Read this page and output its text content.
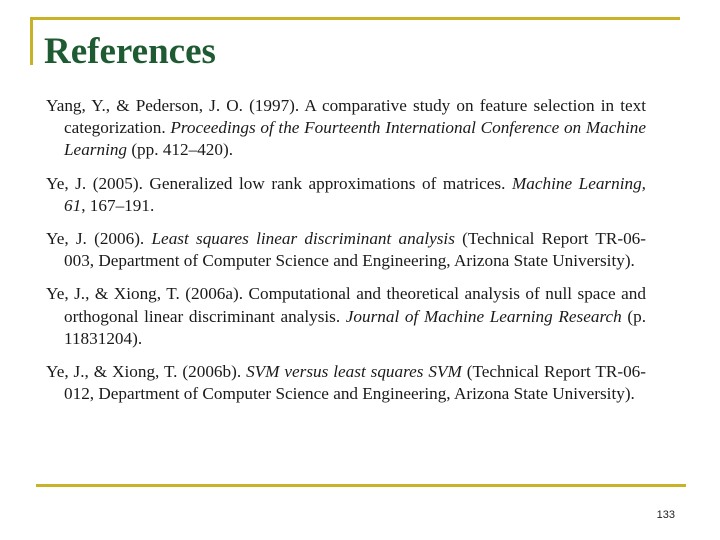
References
Yang, Y., & Pederson, J. O. (1997). A comparative study on feature selection in text categorization. Proceedings of the Fourteenth International Conference on Machine Learning (pp. 412–420).
Ye, J. (2005). Generalized low rank approximations of matrices. Machine Learning, 61, 167–191.
Ye, J. (2006). Least squares linear discriminant analysis (Technical Report TR-06-003, Department of Computer Science and Engineering, Arizona State University).
Ye, J., & Xiong, T. (2006a). Computational and theoretical analysis of null space and orthogonal linear discriminant analysis. Journal of Machine Learning Research (p. 11831204).
Ye, J., & Xiong, T. (2006b). SVM versus least squares SVM (Technical Report TR-06-012, Department of Computer Science and Engineering, Arizona State University).
133
